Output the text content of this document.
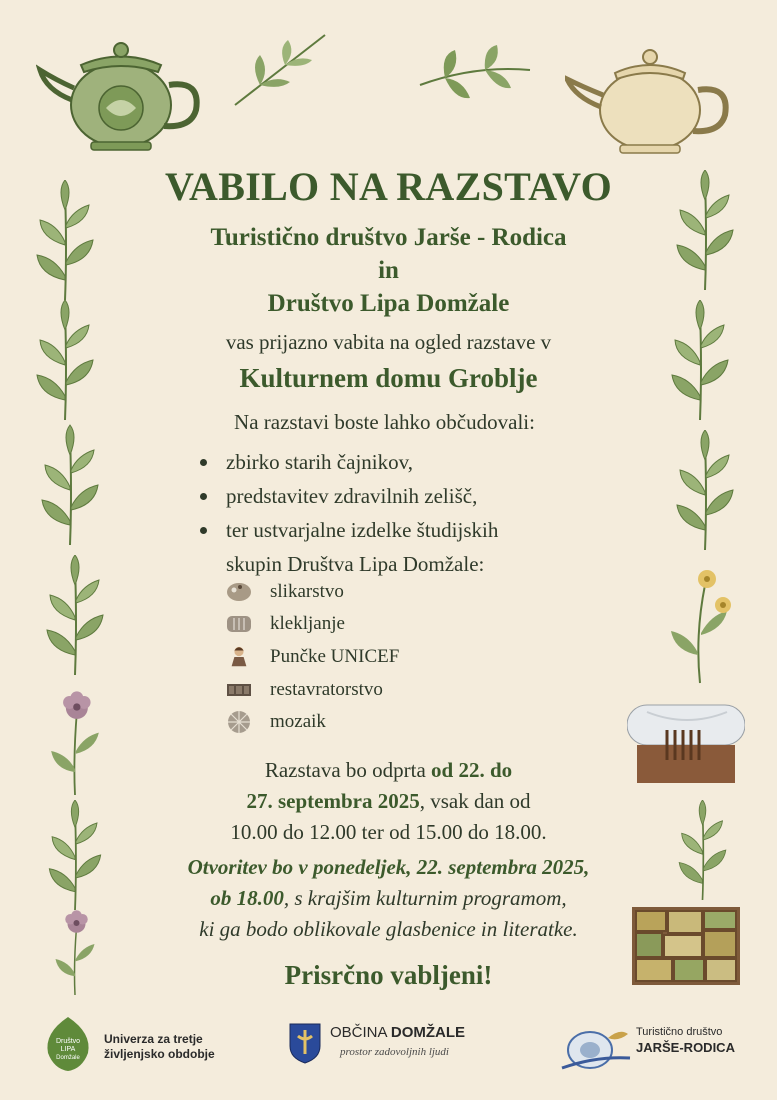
VABILO NA RAZSTAVO
Turistično društvo Jarše - Rodica
in
Društvo Lipa Domžale
vas prijazno vabita na ogled razstave v
Kulturnem domu Groblje
Na razstavi boste lahko občudovali:
zbirko starih čajnikov,
predstavitev zdravilnih zelišč,
ter ustvarjalne izdelke študijskih
skupin Društva Lipa Domžale:
slikarstvo
klekljanje
Punčke UNICEF
restavratorstvo
mozaik
Razstava bo odprta od 22. do
27. septembra 2025, vsak dan od
10.00 do 12.00 ter od 15.00 do 18.00.
Otvoritev bo v ponedeljek, 22. septembra 2025,
ob 18.00, s krajšim kulturnim programom,
ki ga bodo oblikovale glasbenice in literatke.
Prisrčno vabljeni!
Društvo
LIPA
Domžale
Univerza za tretje
življenjsko obdobje
OBČINA DOMŽALE
prostor zadovoljnih ljudi
Turistično društvo
JARŠE-RODICA
